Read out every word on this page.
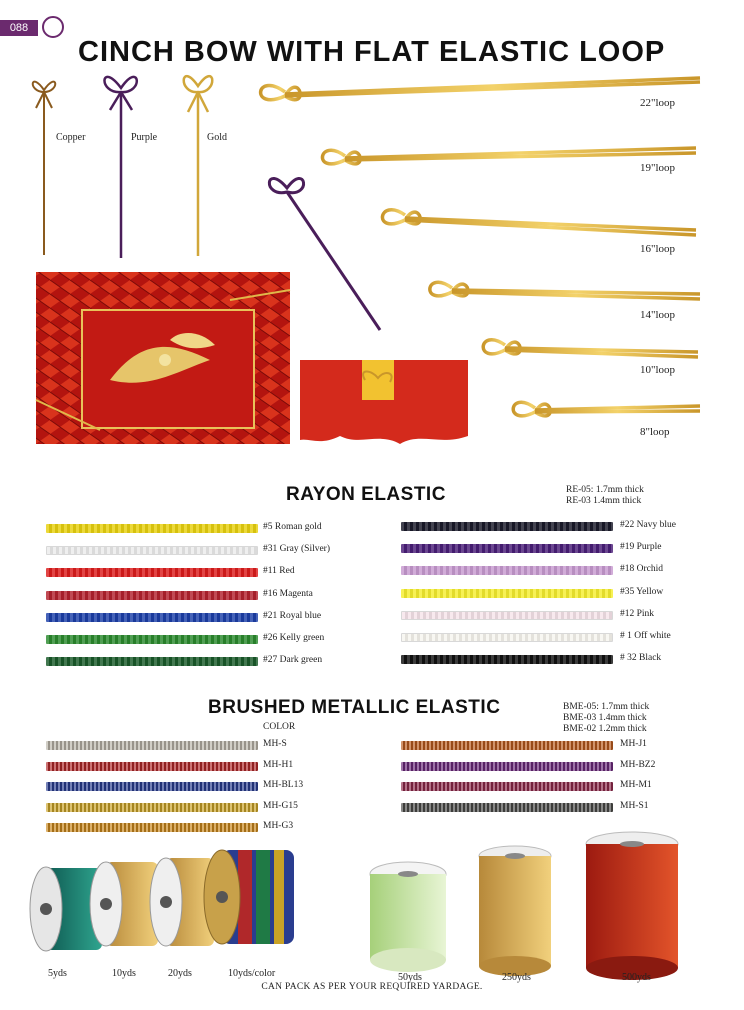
088
CINCH BOW WITH FLAT ELASTIC LOOP
Copper	Purple	Gold
22"loop
19"loop
16"loop
14"loop
10"loop
8"loop
RAYON ELASTIC	RE-05: 1.7mm thick
RE-03 1.4mm thick
#5 Roman gold
#31 Gray (Silver)
#11 Red
#16 Magenta
#21 Royal blue
#26 Kelly green
#27 Dark green
#22 Navy blue
#19 Purple
#18 Orchid
#35 Yellow
#12 Pink
# 1 Off white
# 32 Black
BRUSHED METALLIC ELASTIC	BME-05: 1.7mm thick
BME-03 1.4mm thick
BME-02 1.2mm thick
COLOR
MH-S
MH-H1
MH-BL13
MH-G15
MH-G3
MH-J1
MH-BZ2
MH-M1
MH-S1
5yds	10yds	20yds	10yds/color	50yds	250yds	500yds
CAN PACK AS PER YOUR REQUIRED YARDAGE.
